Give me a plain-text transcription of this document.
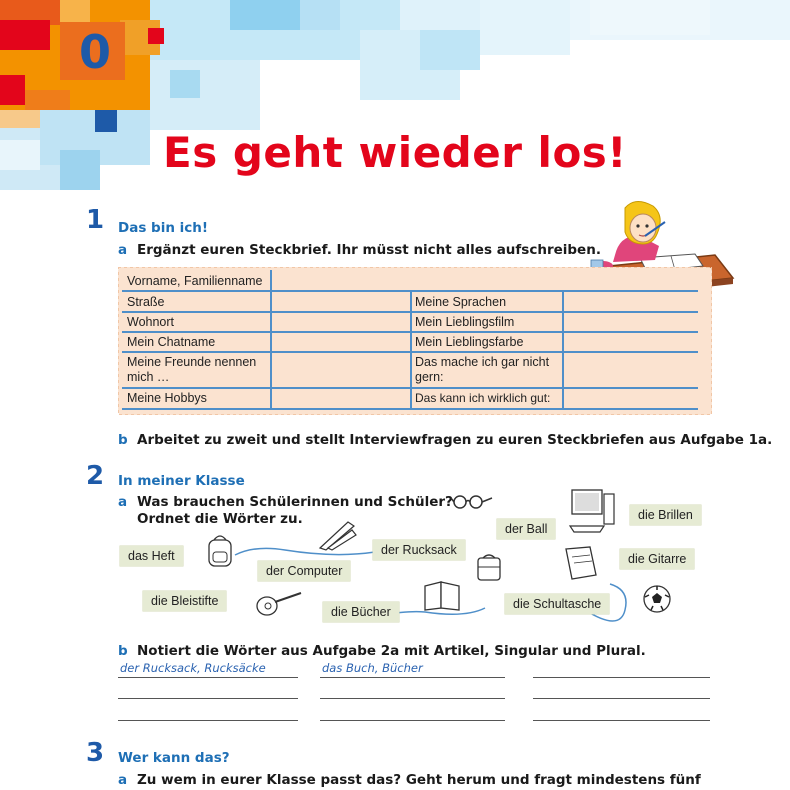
0
Es geht wieder los!
1 Das bin ich!
a Ergänzt euren Steckbrief. Ihr müsst nicht alles aufschreiben.
Vorname, Familienname
Straße
Wohnort
Mein Chatname
Meine Freunde nennen mich …
Meine Hobbys
Meine Sprachen
Mein Lieblingsfilm
Mein Lieblingsfarbe
Das mache ich gar nicht gern:
Das kann ich wirklich gut:
b Arbeitet zu zweit und stellt Interviewfragen zu euren Steckbriefen aus Aufgabe 1a.
2 In meiner Klasse
a Was brauchen Schülerinnen und Schüler?
Ordnet die Wörter zu.
das Heft
der Computer
der Rucksack
der Ball
die Brillen
die Gitarre
die Bleistifte
die Bücher
die Schultasche
b Notiert die Wörter aus Aufgabe 2a mit Artikel, Singular und Plural.
der Rucksack, Rucksäcke	das Buch, Bücher
3 Wer kann das?
a Zu wem in eurer Klasse passt das? Geht herum und fragt mindestens fünf
